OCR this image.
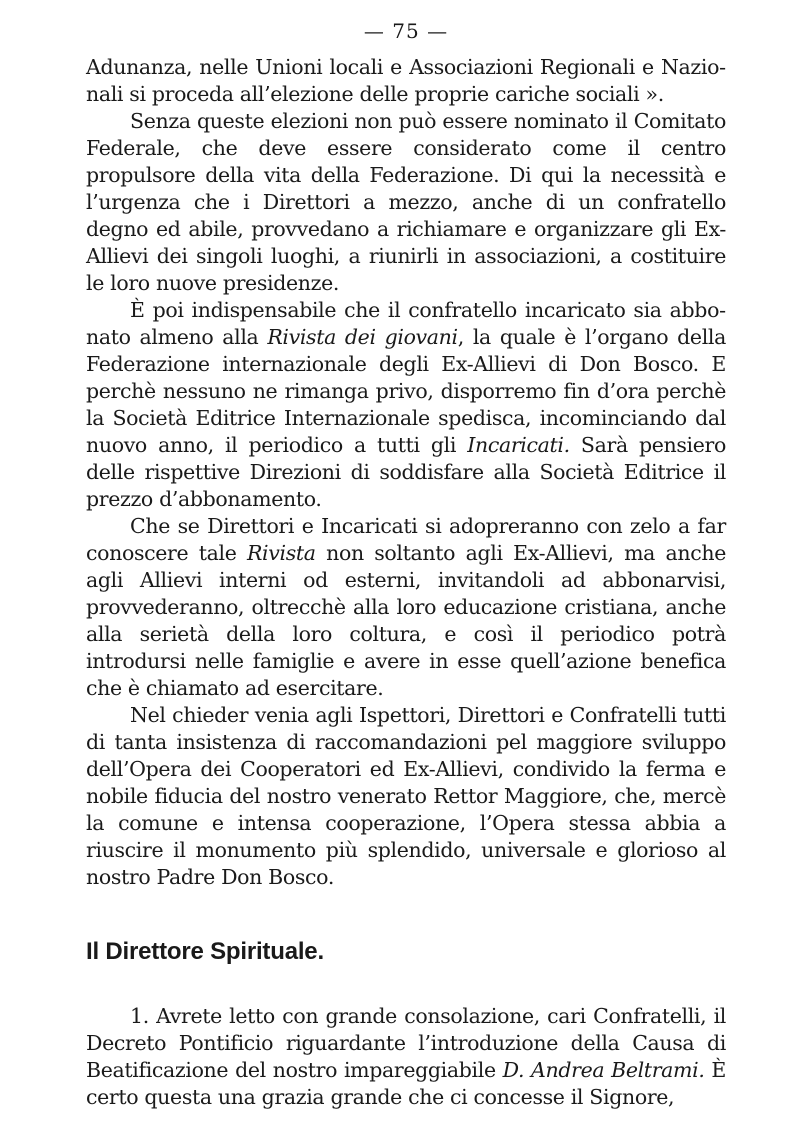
— 75 —

Adunanza, nelle Unioni locali e Associazioni Regionali e Nazionali si proceda all’elezione delle proprie cariche sociali ».

Senza queste elezioni non può essere nominato il Comitato Federale, che deve essere considerato come il centro propulsore della vita della Federazione. Di qui la necessità e l’urgenza che i Direttori a mezzo, anche di un confratello degno ed abile, provvedano a richiamare e organizzare gli Ex-Allievi dei singoli luoghi, a riunirli in associazioni, a costituire le loro nuove presidenze.

È poi indispensabile che il confratello incaricato sia abbonato almeno alla Rivista dei giovani, la quale è l’organo della Federazione internazionale degli Ex-Allievi di Don Bosco. E perchè nessuno ne rimanga privo, disporremo fin d’ora perchè la Società Editrice Internazionale spedisca, incominciando dal nuovo anno, il periodico a tutti gli Incaricati. Sarà pensiero delle rispettive Direzioni di soddisfare alla Società Editrice il prezzo d’abbonamento.

Che se Direttori e Incaricati si adopreranno con zelo a far conoscere tale Rivista non soltanto agli Ex-Allievi, ma anche agli Allievi interni od esterni, invitandoli ad abbonarvisi, provvederanno, oltrecchè alla loro educazione cristiana, anche alla serietà della loro coltura, e così il periodico potrà introdursi nelle famiglie e avere in esse quell’azione benefica che è chiamato ad esercitare.

Nel chieder venia agli Ispettori, Direttori e Confratelli tutti di tanta insistenza di raccomandazioni pel maggiore sviluppo dell’Opera dei Cooperatori ed Ex-Allievi, condivido la ferma e nobile fiducia del nostro venerato Rettor Maggiore, che, mercè la comune e intensa cooperazione, l’Opera stessa abbia a riuscire il monumento più splendido, universale e glorioso al nostro Padre Don Bosco.

Il Direttore Spirituale.

1. Avrete letto con grande consolazione, cari Confratelli, il Decreto Pontificio riguardante l’introduzione della Causa di Beatificazione del nostro impareggiabile D. Andrea Beltrami. È certo questa una grazia grande che ci concesse il Signore,
